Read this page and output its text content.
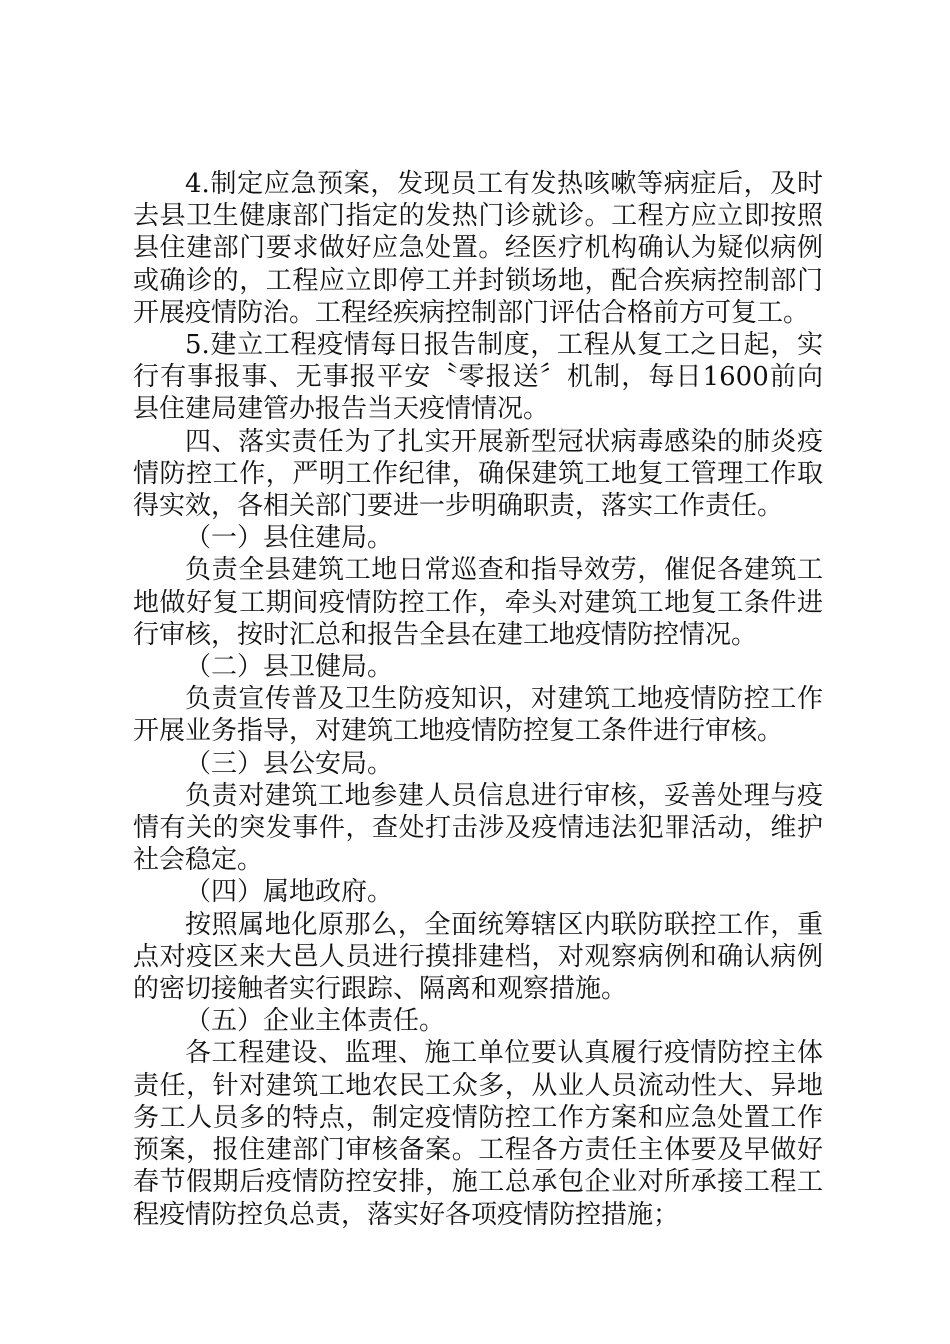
4.制定应急预案，发现员工有发热咳嗽等病症后，及时去县卫生健康部门指定的发热门诊就诊。工程方应立即按照县住建部门要求做好应急处置。经医疗机构确认为疑似病例或确诊的，工程应立即停工并封锁场地，配合疾病控制部门开展疫情防治。工程经疾病控制部门评估合格前方可复工。

5.建立工程疫情每日报告制度，工程从复工之日起，实行有事报事、无事报平安〝零报送〞机制，每日1600前向县住建局建管办报告当天疫情情况。

四、落实责任为了扎实开展新型冠状病毒感染的肺炎疫情防控工作，严明工作纪律，确保建筑工地复工管理工作取得实效，各相关部门要进一步明确职责，落实工作责任。

（一）县住建局。

负责全县建筑工地日常巡查和指导效劳，催促各建筑工地做好复工期间疫情防控工作，牵头对建筑工地复工条件进行审核，按时汇总和报告全县在建工地疫情防控情况。

（二）县卫健局。

负责宣传普及卫生防疫知识，对建筑工地疫情防控工作开展业务指导，对建筑工地疫情防控复工条件进行审核。

（三）县公安局。

负责对建筑工地参建人员信息进行审核，妥善处理与疫情有关的突发事件，查处打击涉及疫情违法犯罪活动，维护社会稳定。

（四）属地政府。

按照属地化原那么，全面统筹辖区内联防联控工作，重点对疫区来大邑人员进行摸排建档，对观察病例和确认病例的密切接触者实行跟踪、隔离和观察措施。

（五）企业主体责任。

各工程建设、监理、施工单位要认真履行疫情防控主体责任，针对建筑工地农民工众多，从业人员流动性大、异地务工人员多的特点，制定疫情防控工作方案和应急处置工作预案，报住建部门审核备案。工程各方责任主体要及早做好春节假期后疫情防控安排，施工总承包企业对所承接工程工程疫情防控负总责，落实好各项疫情防控措施；
